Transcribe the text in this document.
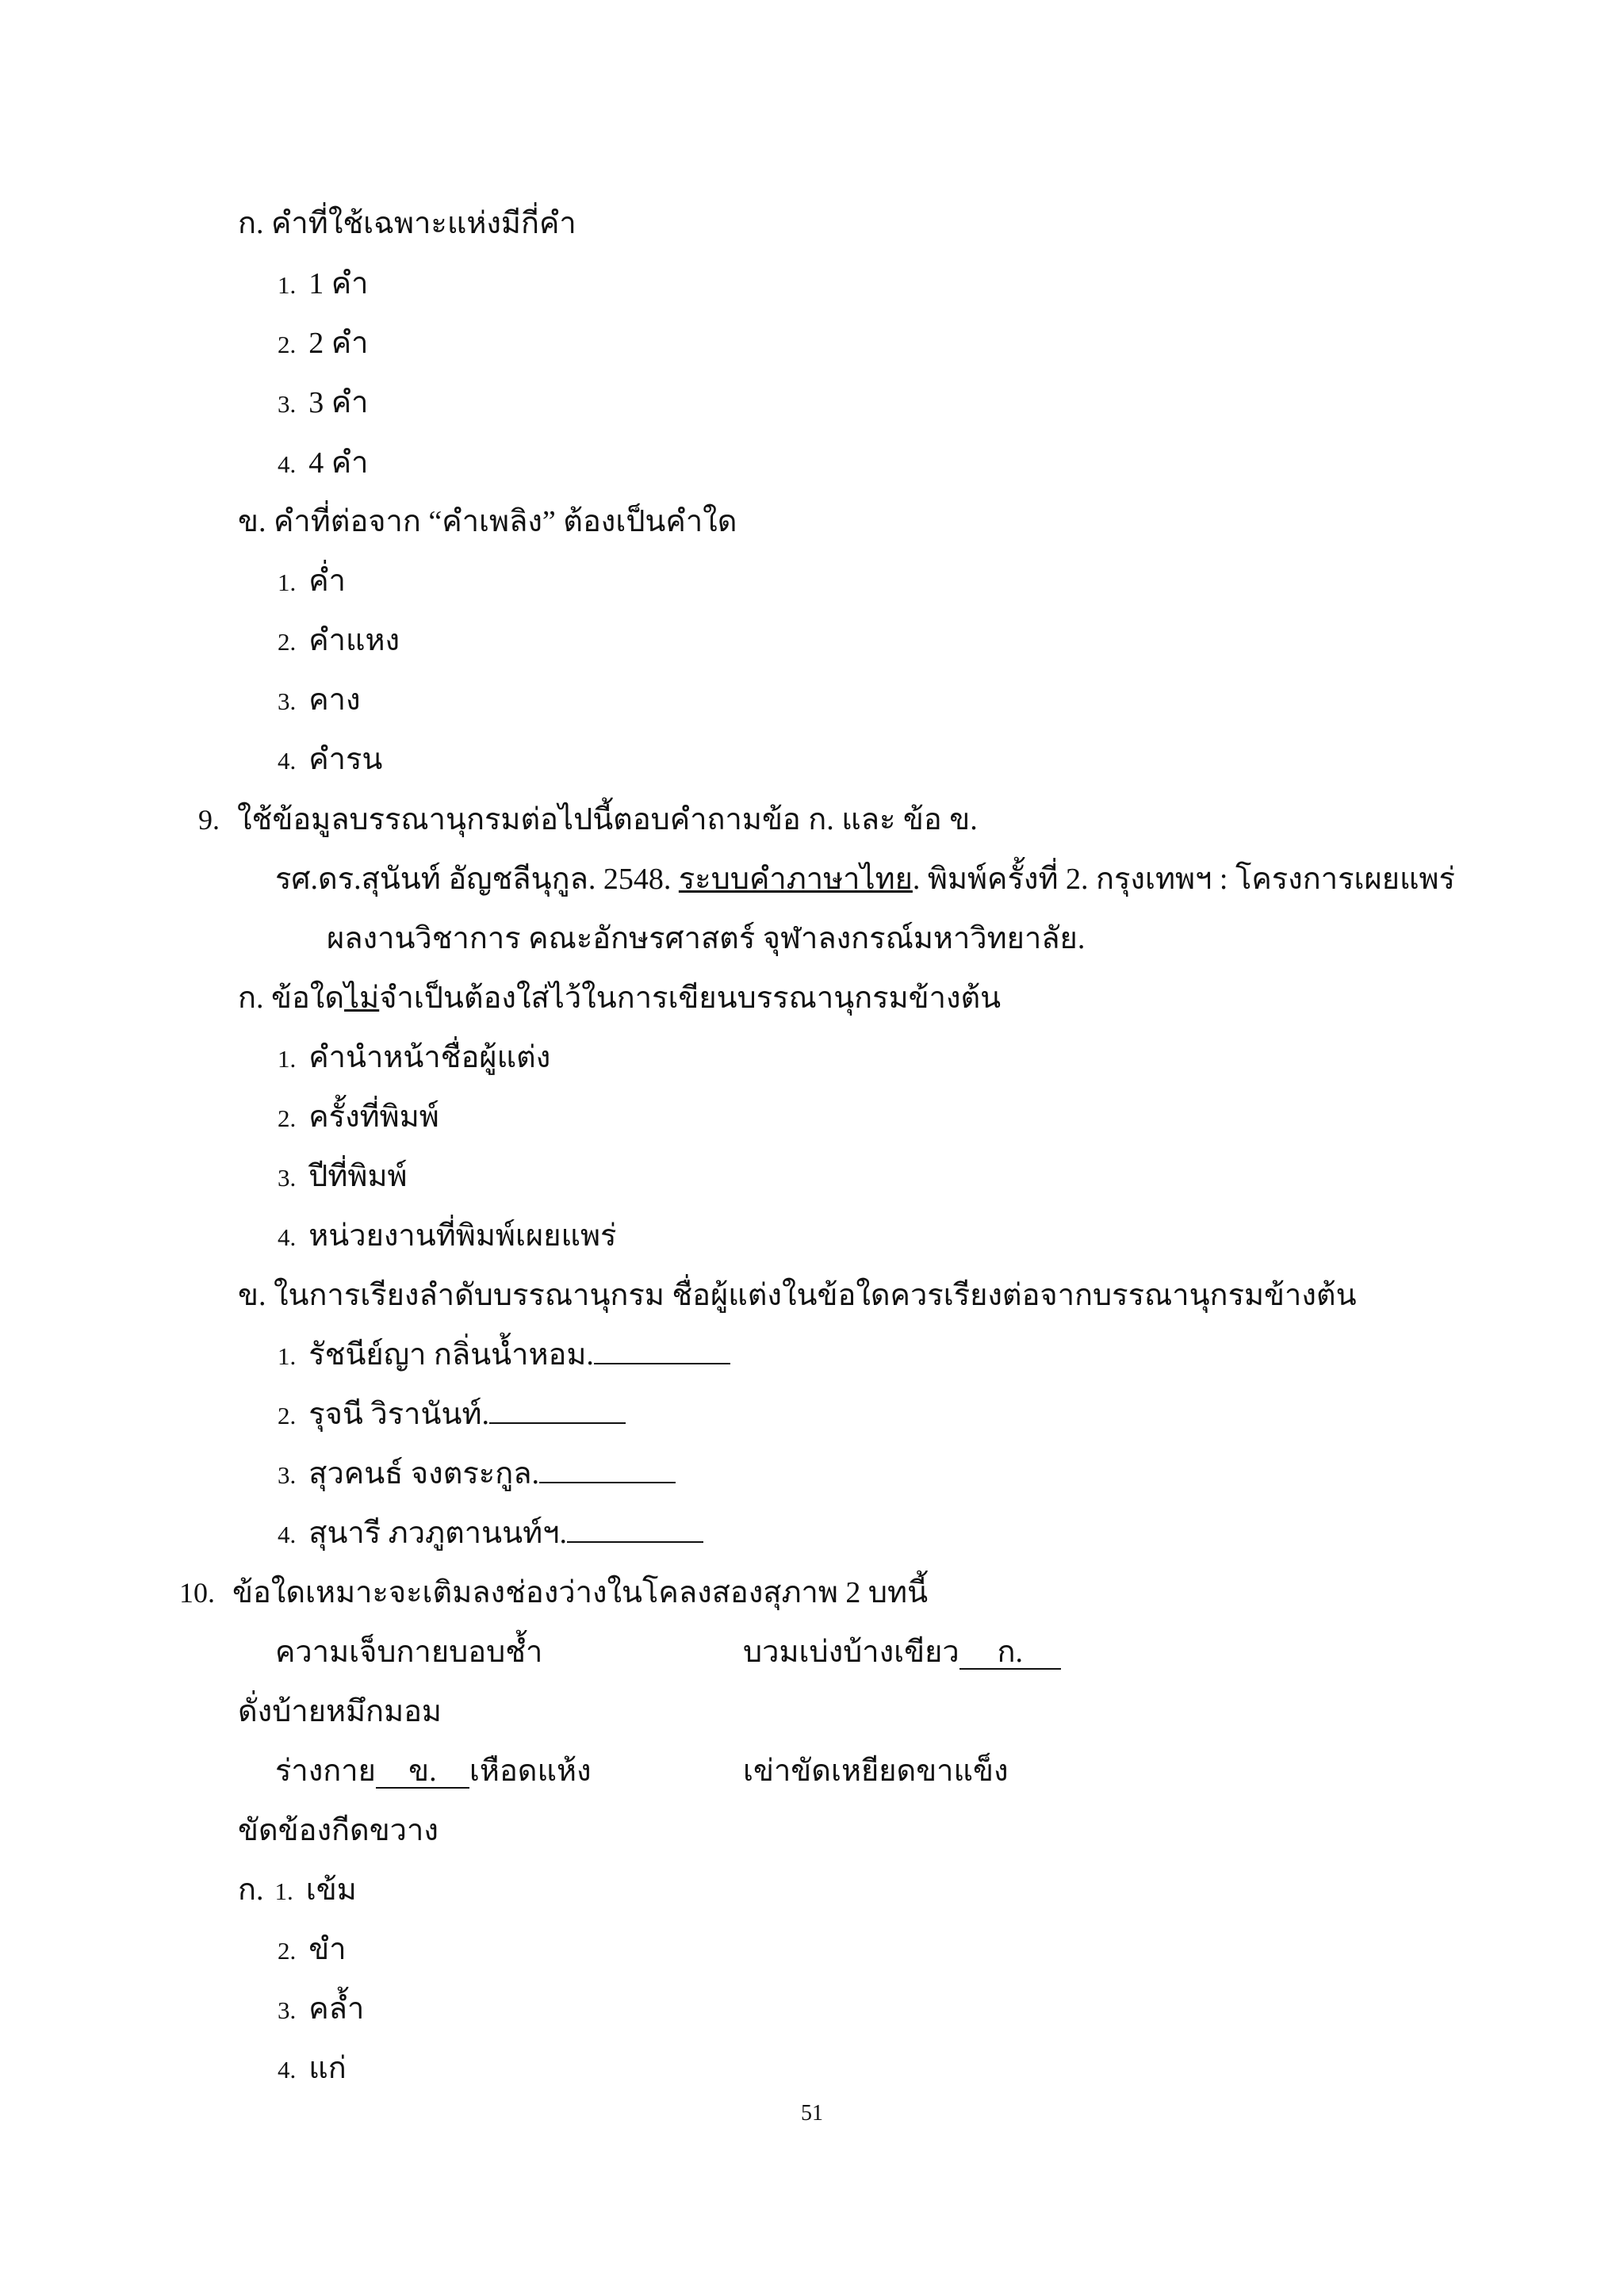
ก. คำที่ใช้เฉพาะแห่งมีกี่คำ
1. 1 คำ
2. 2 คำ
3. 3 คำ
4. 4 คำ
ข. คำที่ต่อจาก “คำเพลิง” ต้องเป็นคำใด
1. ค่ำ
2. คำแหง
3. คาง
4. คำรน
9. ใช้ข้อมูลบรรณานุกรมต่อไปนี้ตอบคำถามข้อ ก. และ ข้อ ข.
รศ.ดร.สุนันท์ อัญชลีนุกูล. 2548. ระบบคำภาษาไทย. พิมพ์ครั้งที่ 2. กรุงเทพฯ : โครงการเผยแพร่
ผลงานวิชาการ คณะอักษรศาสตร์ จุฬาลงกรณ์มหาวิทยาลัย.
ก. ข้อใดไม่จำเป็นต้องใส่ไว้ในการเขียนบรรณานุกรมข้างต้น
1. คำนำหน้าชื่อผู้แต่ง
2. ครั้งที่พิมพ์
3. ปีที่พิมพ์
4. หน่วยงานที่พิมพ์เผยแพร่
ข. ในการเรียงลำดับบรรณานุกรม ชื่อผู้แต่งในข้อใดควรเรียงต่อจากบรรณานุกรมข้างต้น
1. รัชนีย์ญา กลิ่นน้ำหอม.
2. รุจนี วิรานันท์.
3. สุวคนธ์ จงตระกูล.
4. สุนารี ภวภูตานนท์ฯ.
10. ข้อใดเหมาะจะเติมลงช่องว่างในโคลงสองสุภาพ 2 บทนี้
ความเจ็บกายบอบช้ำ	บวมเบ่งบ้างเขียว ก.
ดั่งบ้ายหมึกมอม
ร่างกาย ข. เหือดแห้ง	เข่าขัดเหยียดขาแข็ง
ขัดข้องกีดขวาง
ก. 1. เข้ม
2. ขำ
3. คล้ำ
4. แก่
51
